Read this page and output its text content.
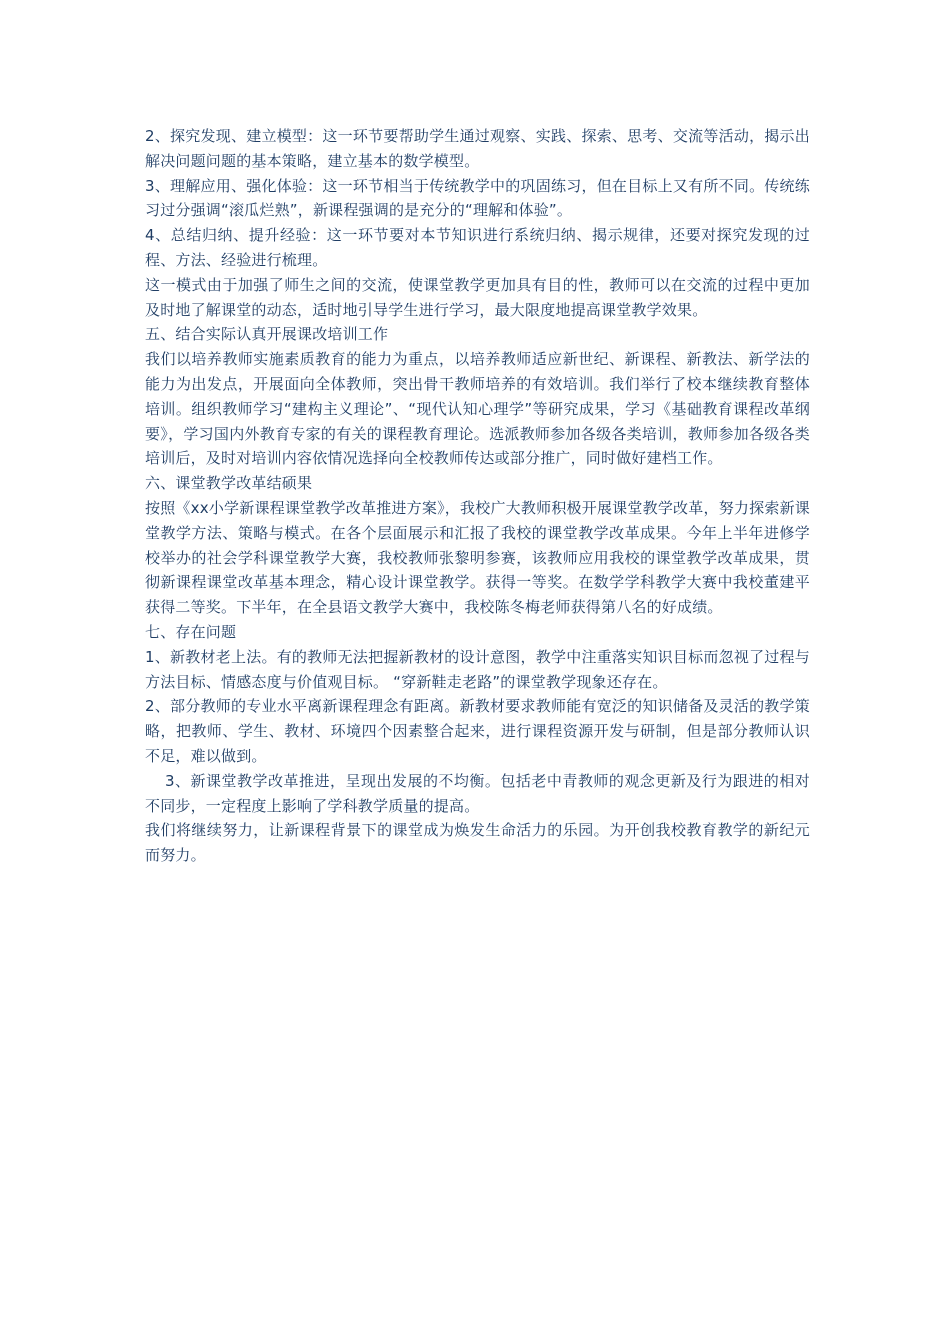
2、探究发现、建立模型：这一环节要帮助学生通过观察、实践、探索、思考、交流等活动，揭示出解决问题问题的基本策略，建立基本的数学模型。

3、理解应用、强化体验：这一环节相当于传统教学中的巩固练习，但在目标上又有所不同。传统练习过分强调“滚瓜烂熟”，新课程强调的是充分的“理解和体验”。

4、总结归纳、提升经验：这一环节要对本节知识进行系统归纳、揭示规律，还要对探究发现的过程、方法、经验进行梳理。

这一模式由于加强了师生之间的交流，使课堂教学更加具有目的性，教师可以在交流的过程中更加及时地了解课堂的动态，适时地引导学生进行学习，最大限度地提高课堂教学效果。

五、结合实际认真开展课改培训工作

我们以培养教师实施素质教育的能力为重点，以培养教师适应新世纪、新课程、新教法、新学法的能力为出发点，开展面向全体教师，突出骨干教师培养的有效培训。我们举行了校本继续教育整体培训。组织教师学习“建构主义理论”、“现代认知心理学”等研究成果，学习《基础教育课程改革纲要》，学习国内外教育专家的有关的课程教育理论。选派教师参加各级各类培训，教师参加各级各类培训后，及时对培训内容依情况选择向全校教师传达或部分推广，同时做好建档工作。

六、课堂教学改革结硕果

按照《xx小学新课程课堂教学改革推进方案》，我校广大教师积极开展课堂教学改革，努力探索新课堂教学方法、策略与模式。在各个层面展示和汇报了我校的课堂教学改革成果。今年上半年进修学校举办的社会学科课堂教学大赛，我校教师张黎明参赛，该教师应用我校的课堂教学改革成果，贯彻新课程课堂改革基本理念，精心设计课堂教学。获得一等奖。在数学学科教学大赛中我校董建平获得二等奖。下半年，在全县语文教学大赛中，我校陈冬梅老师获得第八名的好成绩。

七、存在问题

1、新教材老上法。有的教师无法把握新教材的设计意图，教学中注重落实知识目标而忽视了过程与方法目标、情感态度与价值观目标。 “穿新鞋走老路”的课堂教学现象还存在。

2、部分教师的专业水平离新课程理念有距离。新教材要求教师能有宽泛的知识储备及灵活的教学策略，把教师、学生、教材、环境四个因素整合起来，进行课程资源开发与研制，但是部分教师认识不足，难以做到。

3、新课堂教学改革推进，呈现出发展的不均衡。包括老中青教师的观念更新及行为跟进的相对不同步，一定程度上影响了学科教学质量的提高。

我们将继续努力，让新课程背景下的课堂成为焕发生命活力的乐园。为开创我校教育教学的新纪元而努力。
